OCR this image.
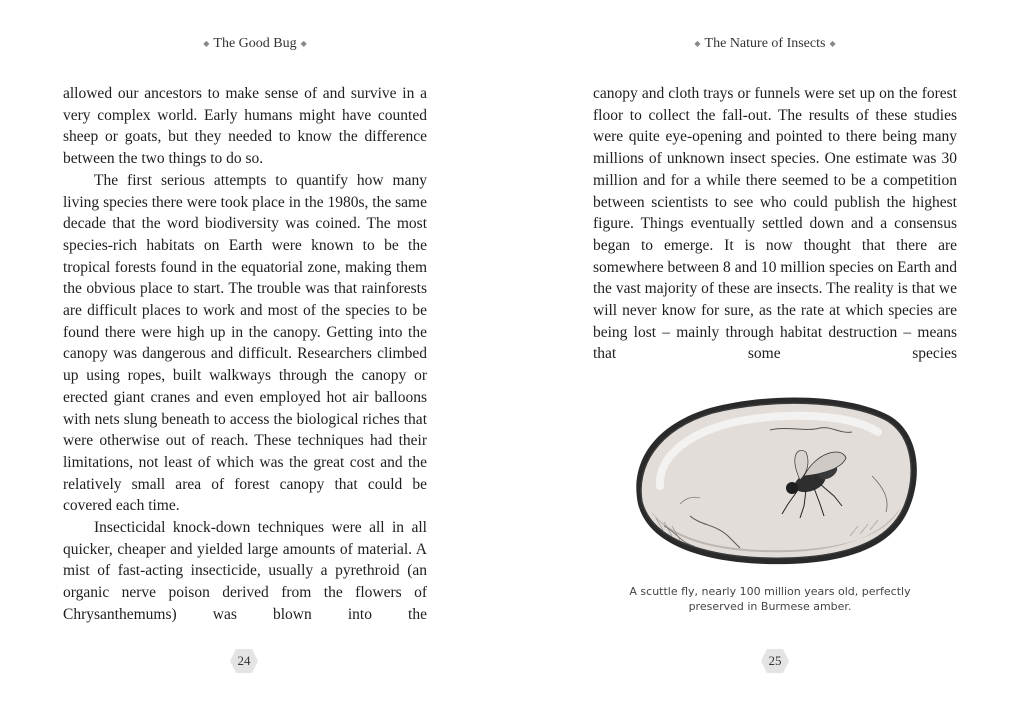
◆ The Good Bug ◆

allowed our ancestors to make sense of and survive in a very complex world. Early humans might have counted sheep or goats, but they needed to know the difference between the two things to do so.

The first serious attempts to quantify how many living species there were took place in the 1980s, the same decade that the word biodiversity was coined. The most species-rich habitats on Earth were known to be the tropical forests found in the equatorial zone, making them the obvious place to start. The trouble was that rainforests are difficult places to work and most of the species to be found there were high up in the canopy. Getting into the canopy was dangerous and difficult. Researchers climbed up using ropes, built walkways through the canopy or erected giant cranes and even employed hot air balloons with nets slung beneath to access the biological riches that were otherwise out of reach. These techniques had their limitations, not least of which was the great cost and the relatively small area of forest canopy that could be covered each time.

Insecticidal knock-down techniques were all in all quicker, cheaper and yielded large amounts of material. A mist of fast-acting insecticide, usually a pyrethroid (an organic nerve poison derived from the flowers of Chrysanthemums) was blown into the

24
◆ The Nature of Insects ◆

canopy and cloth trays or funnels were set up on the forest floor to collect the fall-out. The results of these studies were quite eye-opening and pointed to there being many millions of unknown insect species. One estimate was 30 million and for a while there seemed to be a competition between scientists to see who could publish the highest figure. Things eventually settled down and a consensus began to emerge. It is now thought that there are somewhere between 8 and 10 million species on Earth and the vast majority of these are insects. The reality is that we will never know for sure, as the rate at which species are being lost – mainly through habitat destruction – means that some species

A scuttle fly, nearly 100 million years old, perfectly preserved in Burmese amber.
25
